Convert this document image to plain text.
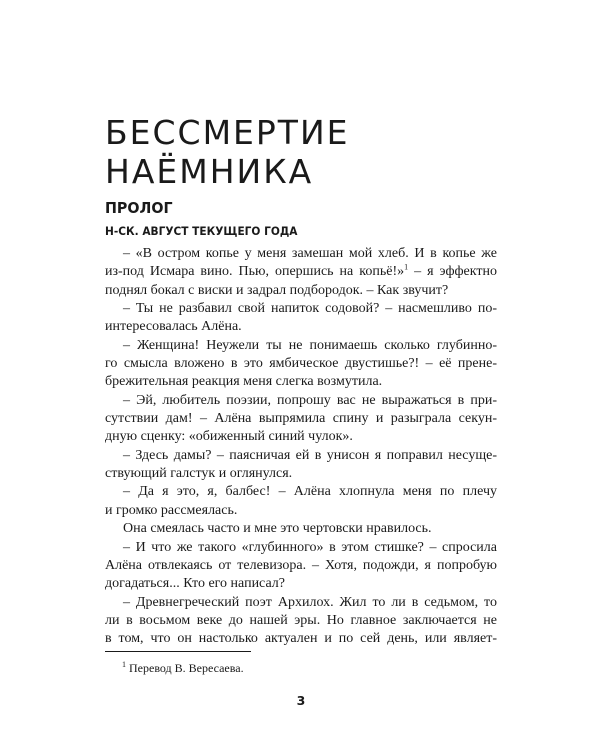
БЕССМЕРТИЕ
НАЁМНИКА
ПРОЛОГ
Н-СК. АВГУСТ ТЕКУЩЕГО ГОДА

– «В остром копье у меня замешан мой хлеб. И в копье же
из-под Исмара вино. Пью, опершись на копьё!»$^1$ – я эффектно
поднял бокал с виски и задрал подбородок. – Как звучит?

– Ты не разбавил свой напиток содовой? – насмешливо по-
интересовалась Алёна.

– Женщина! Неужели ты не понимаешь сколько глубинно-
го смысла вложено в это ямбическое двустишье?! – её пренe-
брежительная реакция меня слегка возмутила.

– Эй, любитель поэзии, попрошу вас не выражаться в при-
сутствии дам! – Алёна выпрямила спину и разыграла секун-
дную сценку: «обиженный синий чулок».

– Здесь дамы? – паясничая ей в унисон я поправил несуще-
ствующий галстук и оглянулся.

– Да я это, я, балбес! – Алёна хлопнула меня по плечу
и громко рассмеялась.

Она смеялась часто и мне это чертовски нравилось.

– И что же такого «глубинного» в этом стишке? – спросила
Алёна отвлекаясь от телевизора. – Хотя, подожди, я попробую
догадаться... Кто его написал?

– Древнегреческий поэт Архилох. Жил то ли в седьмом, то
ли в восьмом веке до нашей эры. Но главное заключается не
в том, что он настолько актуален и по сей день, или являет-

$^1$ Перевод В. Вересаева.
3
